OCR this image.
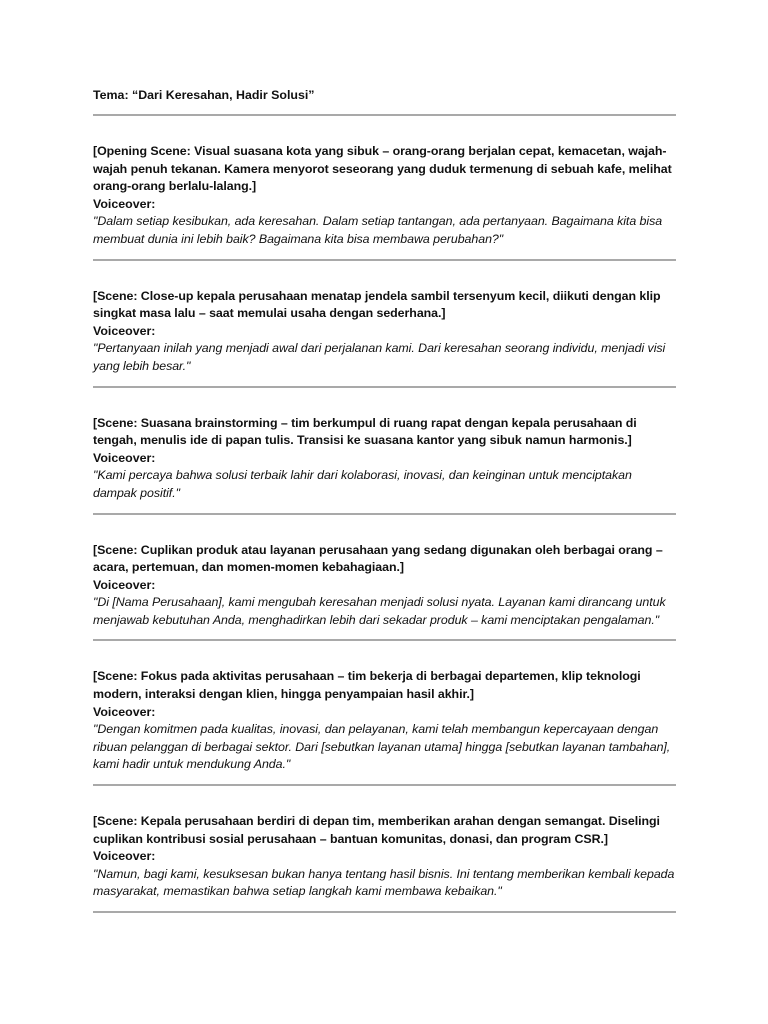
Tema: “Dari Keresahan, Hadir Solusi”

[Opening Scene: Visual suasana kota yang sibuk – orang-orang berjalan cepat, kemacetan, wajah-wajah penuh tekanan. Kamera menyorot seseorang yang duduk termenung di sebuah kafe, melihat orang-orang berlalu-lalang.]

Voiceover:

"Dalam setiap kesibukan, ada keresahan. Dalam setiap tantangan, ada pertanyaan. Bagaimana kita bisa membuat dunia ini lebih baik? Bagaimana kita bisa membawa perubahan?"

[Scene: Close-up kepala perusahaan menatap jendela sambil tersenyum kecil, diikuti dengan klip singkat masa lalu – saat memulai usaha dengan sederhana.]

Voiceover:

"Pertanyaan inilah yang menjadi awal dari perjalanan kami. Dari keresahan seorang individu, menjadi visi yang lebih besar."

[Scene: Suasana brainstorming – tim berkumpul di ruang rapat dengan kepala perusahaan di tengah, menulis ide di papan tulis. Transisi ke suasana kantor yang sibuk namun harmonis.]

Voiceover:

"Kami percaya bahwa solusi terbaik lahir dari kolaborasi, inovasi, dan keinginan untuk menciptakan dampak positif."

[Scene: Cuplikan produk atau layanan perusahaan yang sedang digunakan oleh berbagai orang – acara, pertemuan, dan momen-momen kebahagiaan.]

Voiceover:

"Di [Nama Perusahaan], kami mengubah keresahan menjadi solusi nyata. Layanan kami dirancang untuk menjawab kebutuhan Anda, menghadirkan lebih dari sekadar produk – kami menciptakan pengalaman."

[Scene: Fokus pada aktivitas perusahaan – tim bekerja di berbagai departemen, klip teknologi modern, interaksi dengan klien, hingga penyampaian hasil akhir.]

Voiceover:

"Dengan komitmen pada kualitas, inovasi, dan pelayanan, kami telah membangun kepercayaan dengan ribuan pelanggan di berbagai sektor. Dari [sebutkan layanan utama] hingga [sebutkan layanan tambahan], kami hadir untuk mendukung Anda."

[Scene: Kepala perusahaan berdiri di depan tim, memberikan arahan dengan semangat. Diselingi cuplikan kontribusi sosial perusahaan – bantuan komunitas, donasi, dan program CSR.]

Voiceover:

"Namun, bagi kami, kesuksesan bukan hanya tentang hasil bisnis. Ini tentang memberikan kembali kepada masyarakat, memastikan bahwa setiap langkah kami membawa kebaikan."
